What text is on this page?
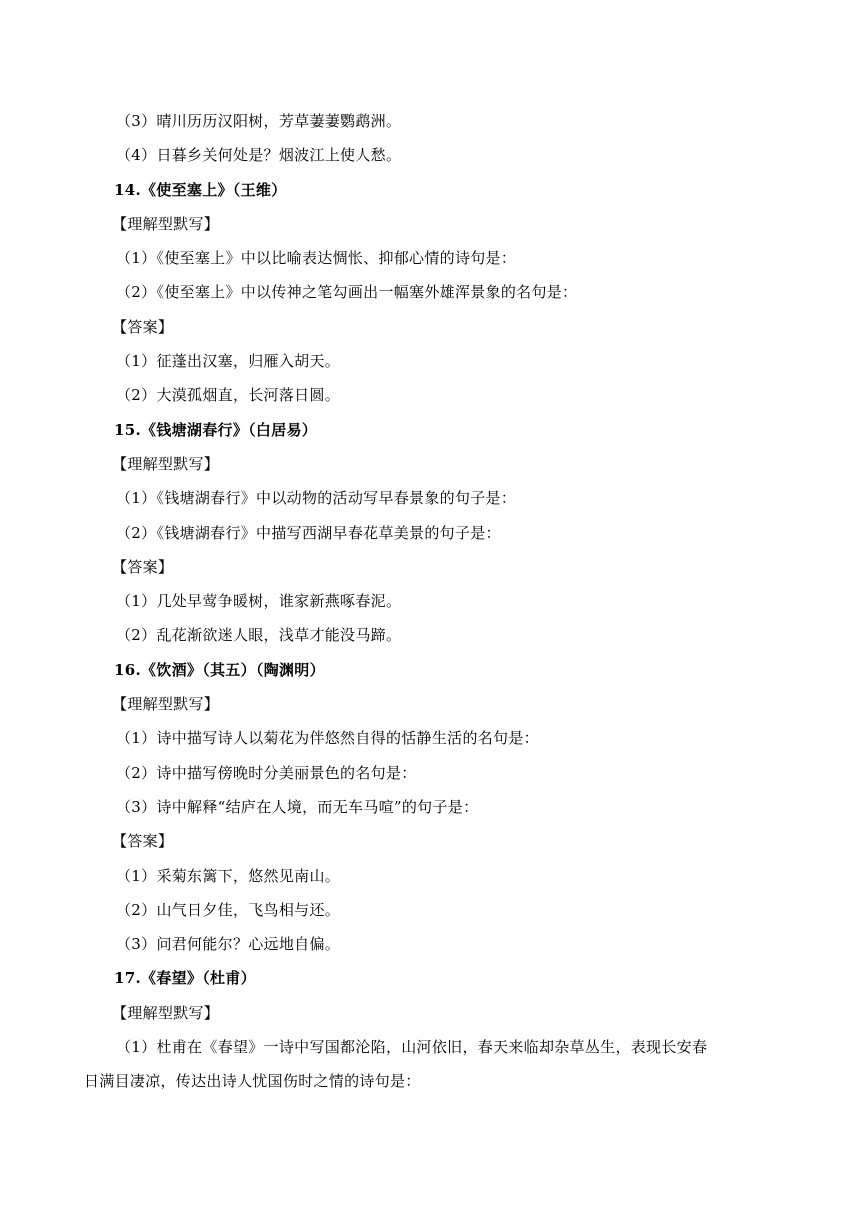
（3）晴川历历汉阳树，芳草萋萋鹦鹉洲。
（4）日暮乡关何处是？烟波江上使人愁。
14.《使至塞上》（王维）
【理解型默写】
（1）《使至塞上》中以比喻表达惆怅、抑郁心情的诗句是：
（2）《使至塞上》中以传神之笔勾画出一幅塞外雄浑景象的名句是：
【答案】
（1）征蓬出汉塞，归雁入胡天。
（2）大漠孤烟直，长河落日圆。
15.《钱塘湖春行》（白居易）
【理解型默写】
（1）《钱塘湖春行》中以动物的活动写早春景象的句子是：
（2）《钱塘湖春行》中描写西湖早春花草美景的句子是：
【答案】
（1）几处早莺争暖树，谁家新燕啄春泥。
（2）乱花渐欲迷人眼，浅草才能没马蹄。
16.《饮酒》（其五）（陶渊明）
【理解型默写】
（1）诗中描写诗人以菊花为伴悠然自得的恬静生活的名句是：
（2）诗中描写傍晚时分美丽景色的名句是：
（3）诗中解释“结庐在人境，而无车马喧”的句子是：
【答案】
（1）采菊东篱下，悠然见南山。
（2）山气日夕佳，飞鸟相与还。
（3）问君何能尔？心远地自偏。
17.《春望》（杜甫）
【理解型默写】
（1）杜甫在《春望》一诗中写国都沦陷，山河依旧，春天来临却杂草丛生，表现长安春
日满目凄凉，传达出诗人忧国伤时之情的诗句是：
